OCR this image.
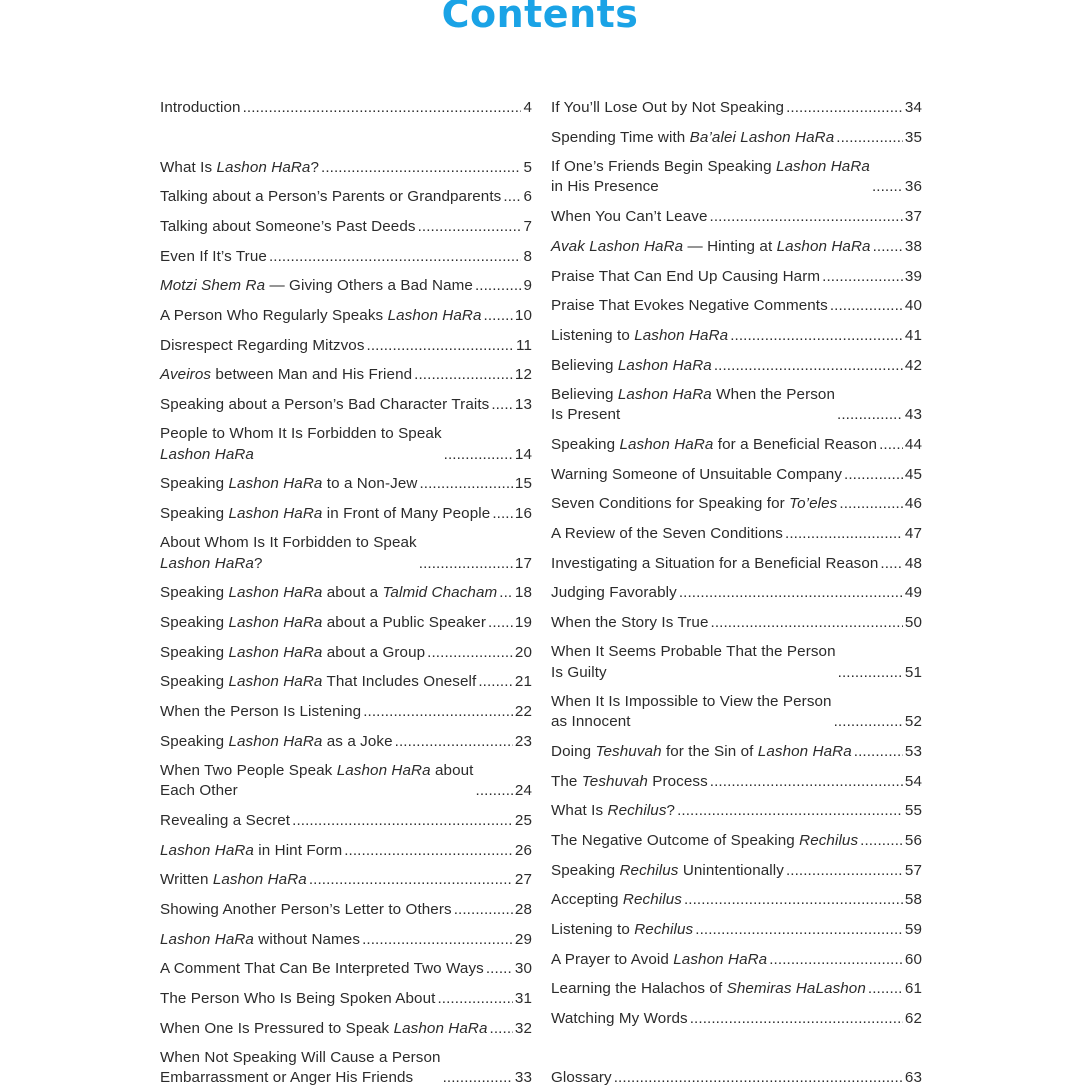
Contents
Introduction .....	4
What Is Lashon HaRa? .....	5
Talking about a Person’s Parents or Grandparents ..... 6
Talking about Someone’s Past Deeds .....	7
Even If It’s True .....	8
Motzi Shem Ra — Giving Others a Bad Name .....	9
A Person Who Regularly Speaks Lashon HaRa ..... 10
Disrespect Regarding Mitzvos .....	11
Aveiros between Man and His Friend .....	12
Speaking about a Person’s Bad Character Traits ..... 13
People to Whom It Is Forbidden to Speak
Lashon HaRa .....	14
Speaking Lashon HaRa to a Non-Jew .....	15
Speaking Lashon HaRa in Front of Many People ..... 16
About Whom Is It Forbidden to Speak
Lashon HaRa? .....	17
Speaking Lashon HaRa about a Talmid Chacham ..... 18
Speaking Lashon HaRa about a Public Speaker ..... 19
Speaking Lashon HaRa about a Group .....	20
Speaking Lashon HaRa That Includes Oneself .....	21
When the Person Is Listening .....	22
Speaking Lashon HaRa as a Joke .....	23
When Two People Speak Lashon HaRa about
Each Other .....	24
Revealing a Secret .....	25
Lashon HaRa in Hint Form .....	26
Written Lashon HaRa .....	27
Showing Another Person’s Letter to Others .....	28
Lashon HaRa without Names .....	29
A Comment That Can Be Interpreted Two Ways ..... 30
The Person Who Is Being Spoken About .....	31
When One Is Pressured to Speak Lashon HaRa ..... 32
When Not Speaking Will Cause a Person
Embarrassment or Anger His Friends .....	33
If You’ll Lose Out by Not Speaking .....	34
Spending Time with Ba’alei Lashon HaRa .....	35
If One’s Friends Begin Speaking Lashon HaRa
in His Presence .....	36
When You Can’t Leave .....	37
Avak Lashon HaRa — Hinting at Lashon HaRa ..... 38
Praise That Can End Up Causing Harm .....	39
Praise That Evokes Negative Comments .....	40
Listening to Lashon HaRa .....	41
Believing Lashon HaRa .....	42
Believing Lashon HaRa When the Person
Is Present .....	43
Speaking Lashon HaRa for a Beneficial Reason ..... 44
Warning Someone of Unsuitable Company .....	45
Seven Conditions for Speaking for To’eles .....	46
A Review of the Seven Conditions .....	47
Investigating a Situation for a Beneficial Reason ..... 48
Judging Favorably .....	49
When the Story Is True .....	50
When It Seems Probable That the Person
Is Guilty .....	51
When It Is Impossible to View the Person
as Innocent .....	52
Doing Teshuvah for the Sin of Lashon HaRa .....	53
The Teshuvah Process .....	54
What Is Rechilus? .....	55
The Negative Outcome of Speaking Rechilus .....	56
Speaking Rechilus Unintentionally .....	57
Accepting Rechilus .....	58
Listening to Rechilus .....	59
A Prayer to Avoid Lashon HaRa .....	60
Learning the Halachos of Shemiras HaLashon .....	61
Watching My Words .....	62
Glossary .....	63
